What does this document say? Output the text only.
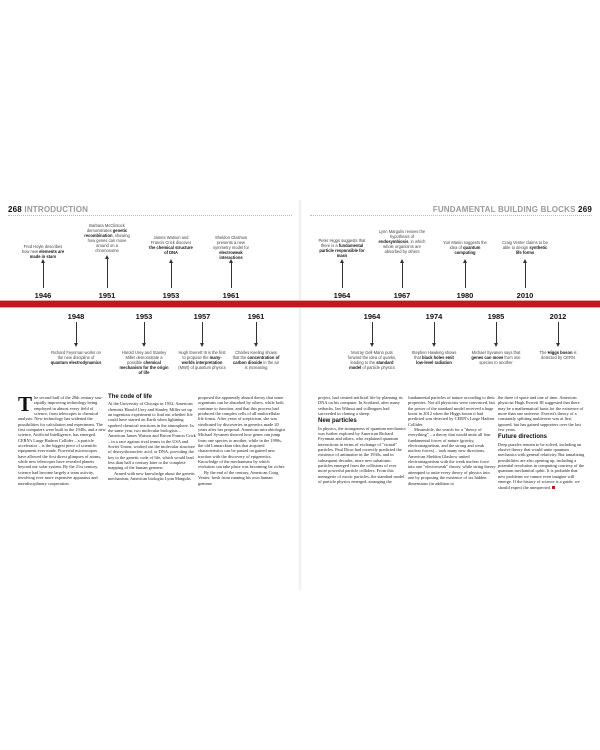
268 INTRODUCTION	FUNDAMENTAL BUILDING BLOCKS 269
Fred Hoyle describes how new elements are made in stars
1946
Barbara McClintock demonstrates genetic recombination, showing how genes can move around on a chromosome
1951
James Watson and Francis Crick discover the chemical structure of DNA
1953
Sheldon Glashow presents a new symmetry model for electroweak interactions
1961
Peter Higgs suggests that there is a fundamental particle responsible for mass
1964
Lynn Margulis revives the hypothesis of endosymbiosis, in which whole organisms are absorbed by others
1967
Yuri Manin suggests the idea of quantum computing
1980
Craig Venter claims to be able to design synthetic life forms
2010
1948
Richard Feynman works on the new discipline of quantum electrodynamics
1953
Harold Urey and Stanley Miller demonstrate a possible chemical mechanism for the origin of life
1957
Hugh Everett III is the first to propose the many-worlds interpretation (MWI) of quantum physics
1961
Charles Keeling shows that the concentration of carbon dioxide in the air is increasing
1964
Murray Gell-Mann puts forward the idea of quarks, leading to the standard model of particle physics
1974
Stephen Hawking shows that black holes emit low-level radiation
1985
Michael Syvanen says that genes can move from one species to another
2012
The Higgs boson is detected by CERN
T he second half of the 20th century saw rapidly improving technology being employed in almost every field of science, from telescopes to chemical analysis. New technology has widened the possibilities for calculation and experiment. The first computers were built in the 1940s, and a new science, Artificial Intelligence, has emerged. CERN's Large Hadron Collider – a particle accelerator – is the biggest piece of scientific equipment ever made. Powerful microscopes have allowed the first direct glimpses of atoms, while new telescopes have revealed planets beyond our solar system. By the 21st century, science had become largely a team activity, involving ever more expensive apparatus and interdisciplinary cooperation.

The code of life

At the University of Chicago in 1952, American chemists Harold Urey and Stanley Miller set up an ingenious experiment to find out whether life could have started on Earth when lightning sparked chemical reactions in the atmosphere. In the same year, two molecular biologists – American James Watson and Briton Francis Crick – in a race against rival teams in the USA and Soviet Union, worked out the molecular structure of deoxyribonucleic acid, or DNA, providing the key to the genetic code of life, which would lead less than half a century later to the complete mapping of the human genome.

Armed with new knowledge about the genetic mechanism, American biologist Lynn Margulis

proposed the apparently absurd theory that some organisms can be absorbed by others, while both continue to function, and that this process had produced the complex cells of all multicellular life forms. After years of scepticism, she was vindicated by discoveries in genetics made 20 years after her proposal. American microbiologist Michael Syvanen showed how genes can jump from one species to another, while in the 1990s, the old Lamarckian idea that acquired characteristics can be passed on gained new traction with the discovery of epigenetics. Knowledge of the mechanisms by which evolution can take place was becoming far richer.

By the end of the century, American Craig Venter, fresh from running his own human genome

project, had created artificial life by planning its DNA on his computer. In Scotland, after many setbacks, Ian Wilmut and colleagues had succeeded in cloning a sheep.

New particles

In physics, the strangeness of quantum mechanics was further explored by American Richard Feynman and others, who explained quantum interactions in terms of exchange of "virtual" particles. Paul Dirac had correctly predicted the existence of antimatter in the 1930s, and in subsequent decades, more new subatomic particles emerged from the collisions of ever more powerful particle colliders. From this menagerie of exotic particles, the standard model of particle physics emerged, arranging the

fundamental particles of nature according to their properties. Not all physicists were convinced, but the power of the standard model received a huge boost in 2012 when the Higgs boson it had predicted was detected by CERN's Large Hadron Collider.

Meanwhile, the search for a "theory of everything" – a theory that would unite all four fundamental forces of nature (gravity, electromagnetism, and the strong and weak nuclear forces) – took many new directions. American Sheldon Glashow united electromagnetism with the weak nuclear force into one "electroweak" theory, while string theory attempted to unite every theory of physics into one by proposing the existence of six hidden dimensions (in addition to

the three of space and one of time. American physicist Hugh Everett III suggested that there may be a mathematical basis for the existence of more than one universe. Everett's theory of a constantly splitting multiverse was at first ignored, but has gained supporters over the last few years.

Future directions

Deep puzzles remain to be solved, including an elusive theory that would unite quantum mechanics with general relativity. But tantalizing possibilities are also opening up, including a potential revolution in computing courtesy of the quantum mechanical qubit. It is probable that new problems we cannot even imagine will emerge. If the history of science is a guide, we should expect the unexpected.
